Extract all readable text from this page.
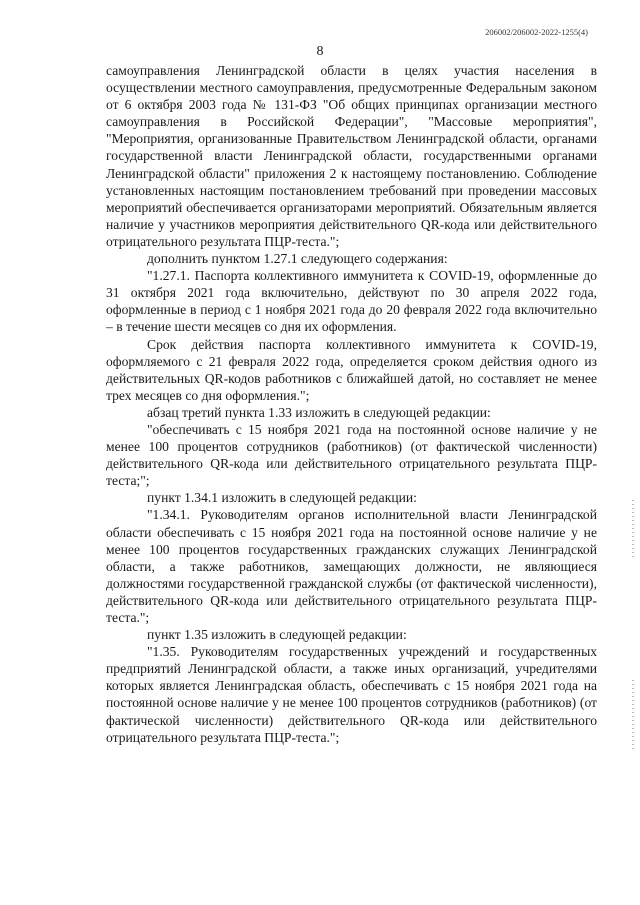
206002/206002-2022-1255(4)
8

самоуправления Ленинградской области в целях участия населения в осуществлении местного самоуправления, предусмотренные Федеральным законом от 6 октября 2003 года № 131-ФЗ "Об общих принципах организации местного самоуправления в Российской Федерации", "Массовые мероприятия", "Мероприятия, организованные Правительством Ленинградской области, органами государственной власти Ленинградской области, государственными органами Ленинградской области" приложения 2 к настоящему постановлению. Соблюдение установленных настоящим постановлением требований при проведении массовых мероприятий обеспечивается организаторами мероприятий. Обязательным является наличие у участников мероприятия действительного QR-кода или действительного отрицательного результата ПЦР-теста.";

дополнить пунктом 1.27.1 следующего содержания:

"1.27.1. Паспорта коллективного иммунитета к COVID-19, оформленные до 31 октября 2021 года включительно, действуют по 30 апреля 2022 года, оформленные в период с 1 ноября 2021 года до 20 февраля 2022 года включительно – в течение шести месяцев со дня их оформления.

Срок действия паспорта коллективного иммунитета к COVID-19, оформляемого с 21 февраля 2022 года, определяется сроком действия одного из действительных QR-кодов работников с ближайшей датой, но составляет не менее трех месяцев со дня оформления.";

абзац третий пункта 1.33 изложить в следующей редакции:

"обеспечивать с 15 ноября 2021 года на постоянной основе наличие у не менее 100 процентов сотрудников (работников) (от фактической численности) действительного QR-кода или действительного отрицательного результата ПЦР-теста;";

пункт 1.34.1 изложить в следующей редакции:

"1.34.1. Руководителям органов исполнительной власти Ленинградской области обеспечивать с 15 ноября 2021 года на постоянной основе наличие у не менее 100 процентов государственных гражданских служащих Ленинградской области, а также работников, замещающих должности, не являющиеся должностями государственной гражданской службы (от фактической численности), действительного QR-кода или действительного отрицательного результата ПЦР-теста.";

пункт 1.35 изложить в следующей редакции:

"1.35. Руководителям государственных учреждений и государственных предприятий Ленинградской области, а также иных организаций, учредителями которых является Ленинградская область, обеспечивать с 15 ноября 2021 года на постоянной основе наличие у не менее 100 процентов сотрудников (работников) (от фактической численности) действительного QR-кода или действительного отрицательного результата ПЦР-теста.";
